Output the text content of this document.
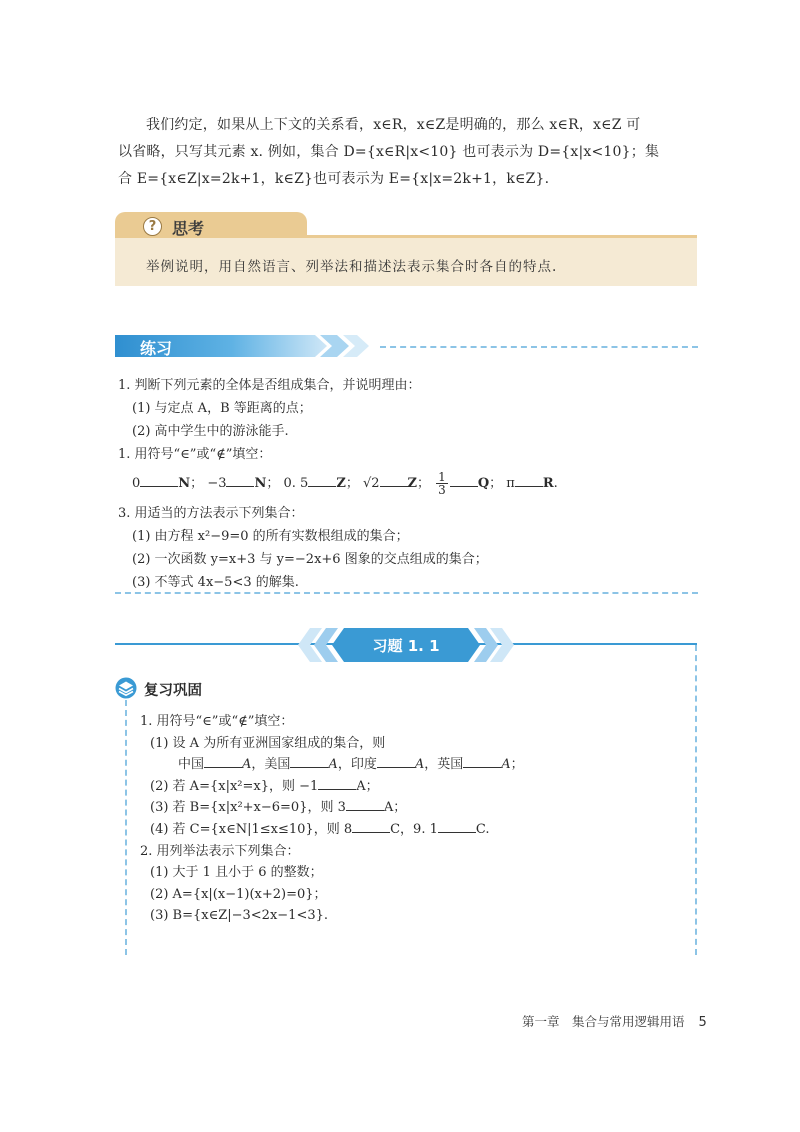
我们约定，如果从上下文的关系看，x∈R，x∈Z是明确的，那么 x∈R，x∈Z 可

以省略，只写其元素 x. 例如，集合 D={x∈R|x<10} 也可表示为 D={x|x<10}；集

合 E={x∈Z|x=2k+1，k∈Z}也可表示为 E={x|x=2k+1，k∈Z}.

? 思考
举例说明，用自然语言、列举法和描述法表示集合时各自的特点.
练习
1. 判断下列元素的全体是否组成集合，并说明理由：
(1) 与定点 A，B 等距离的点；
(2) 高中学生中的游泳能手.
1. 用符号“∈”或“∉”填空：
0	N； −3 N； 0. 5 Z； √2 Z； $\frac{1}{3}$ Q； π R.
3. 用适当的方法表示下列集合：
(1) 由方程 x²−9=0 的所有实数根组成的集合；
(2) 一次函数 y=x+3 与 y=−2x+6 图象的交点组成的集合；
(3) 不等式 4x−5<3 的解集.
习题 1. 1
复习巩固
1. 用符号“∈”或“∉”填空：
(1) 设 A 为所有亚洲国家组成的集合，则
中国	A，美国	A，印度	A，英国	A；
(2) 若 A={x|x²=x}，则 −1	A；
(3) 若 B={x|x²+x−6=0}，则 3	A；
(4) 若 C={x∈N|1≤x≤10}，则 8	C，9. 1	C.
2. 用列举法表示下列集合：
(1) 大于 1 且小于 6 的整数；
(2) A={x|(x−1)(x+2)=0}；
(3) B={x∈Z|−3<2x−1<3}.
第一章　集合与常用逻辑用语 5
